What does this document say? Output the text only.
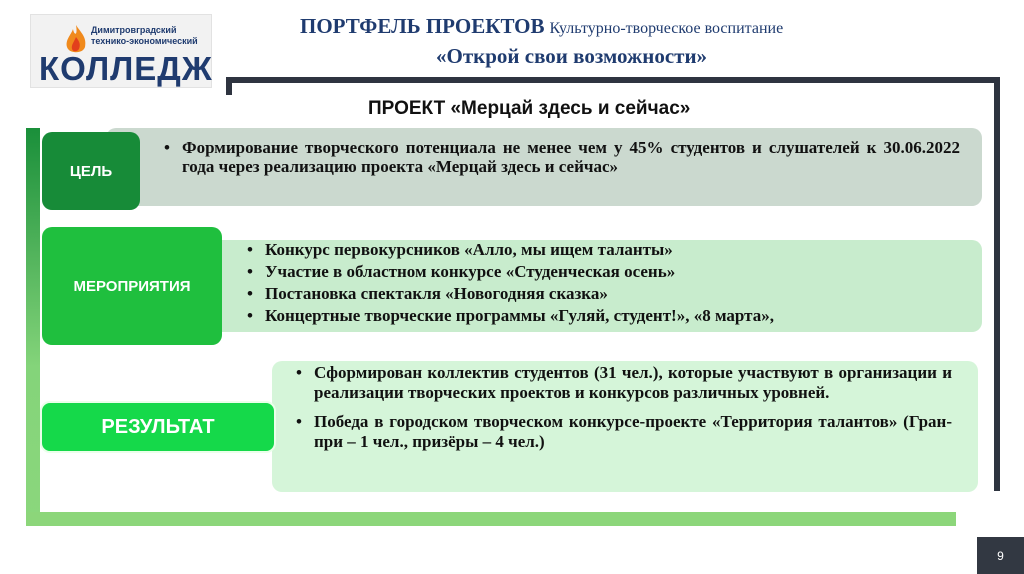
Димитровградский
технико-экономический
КОЛЛЕДЖ
ПОРТФЕЛЬ ПРОЕКТОВ Культурно-творческое воспитание
«Открой свои возможности»
ПРОЕКТ «Мерцай здесь и сейчас»
ЦЕЛЬ
• Формирование творческого потенциала не менее чем у 45% студентов и слушателей к 30.06.2022 года через реализацию проекта «Мерцай здесь и сейчас»
МЕРОПРИЯТИЯ
• Конкурс первокурсников «Алло, мы ищем таланты»
• Участие в областном конкурсе «Студенческая осень»
• Постановка спектакля «Новогодняя сказка»
• Концертные творческие программы «Гуляй, студент!», «8 марта»,
РЕЗУЛЬТАТ
• Сформирован коллектив студентов (31 чел.), которые участвуют в организации и реализации творческих проектов и конкурсов различных уровней.
• Победа в городском творческом конкурсе-проекте «Территория талантов» (Гран-при – 1 чел., призёры – 4 чел.)
9
